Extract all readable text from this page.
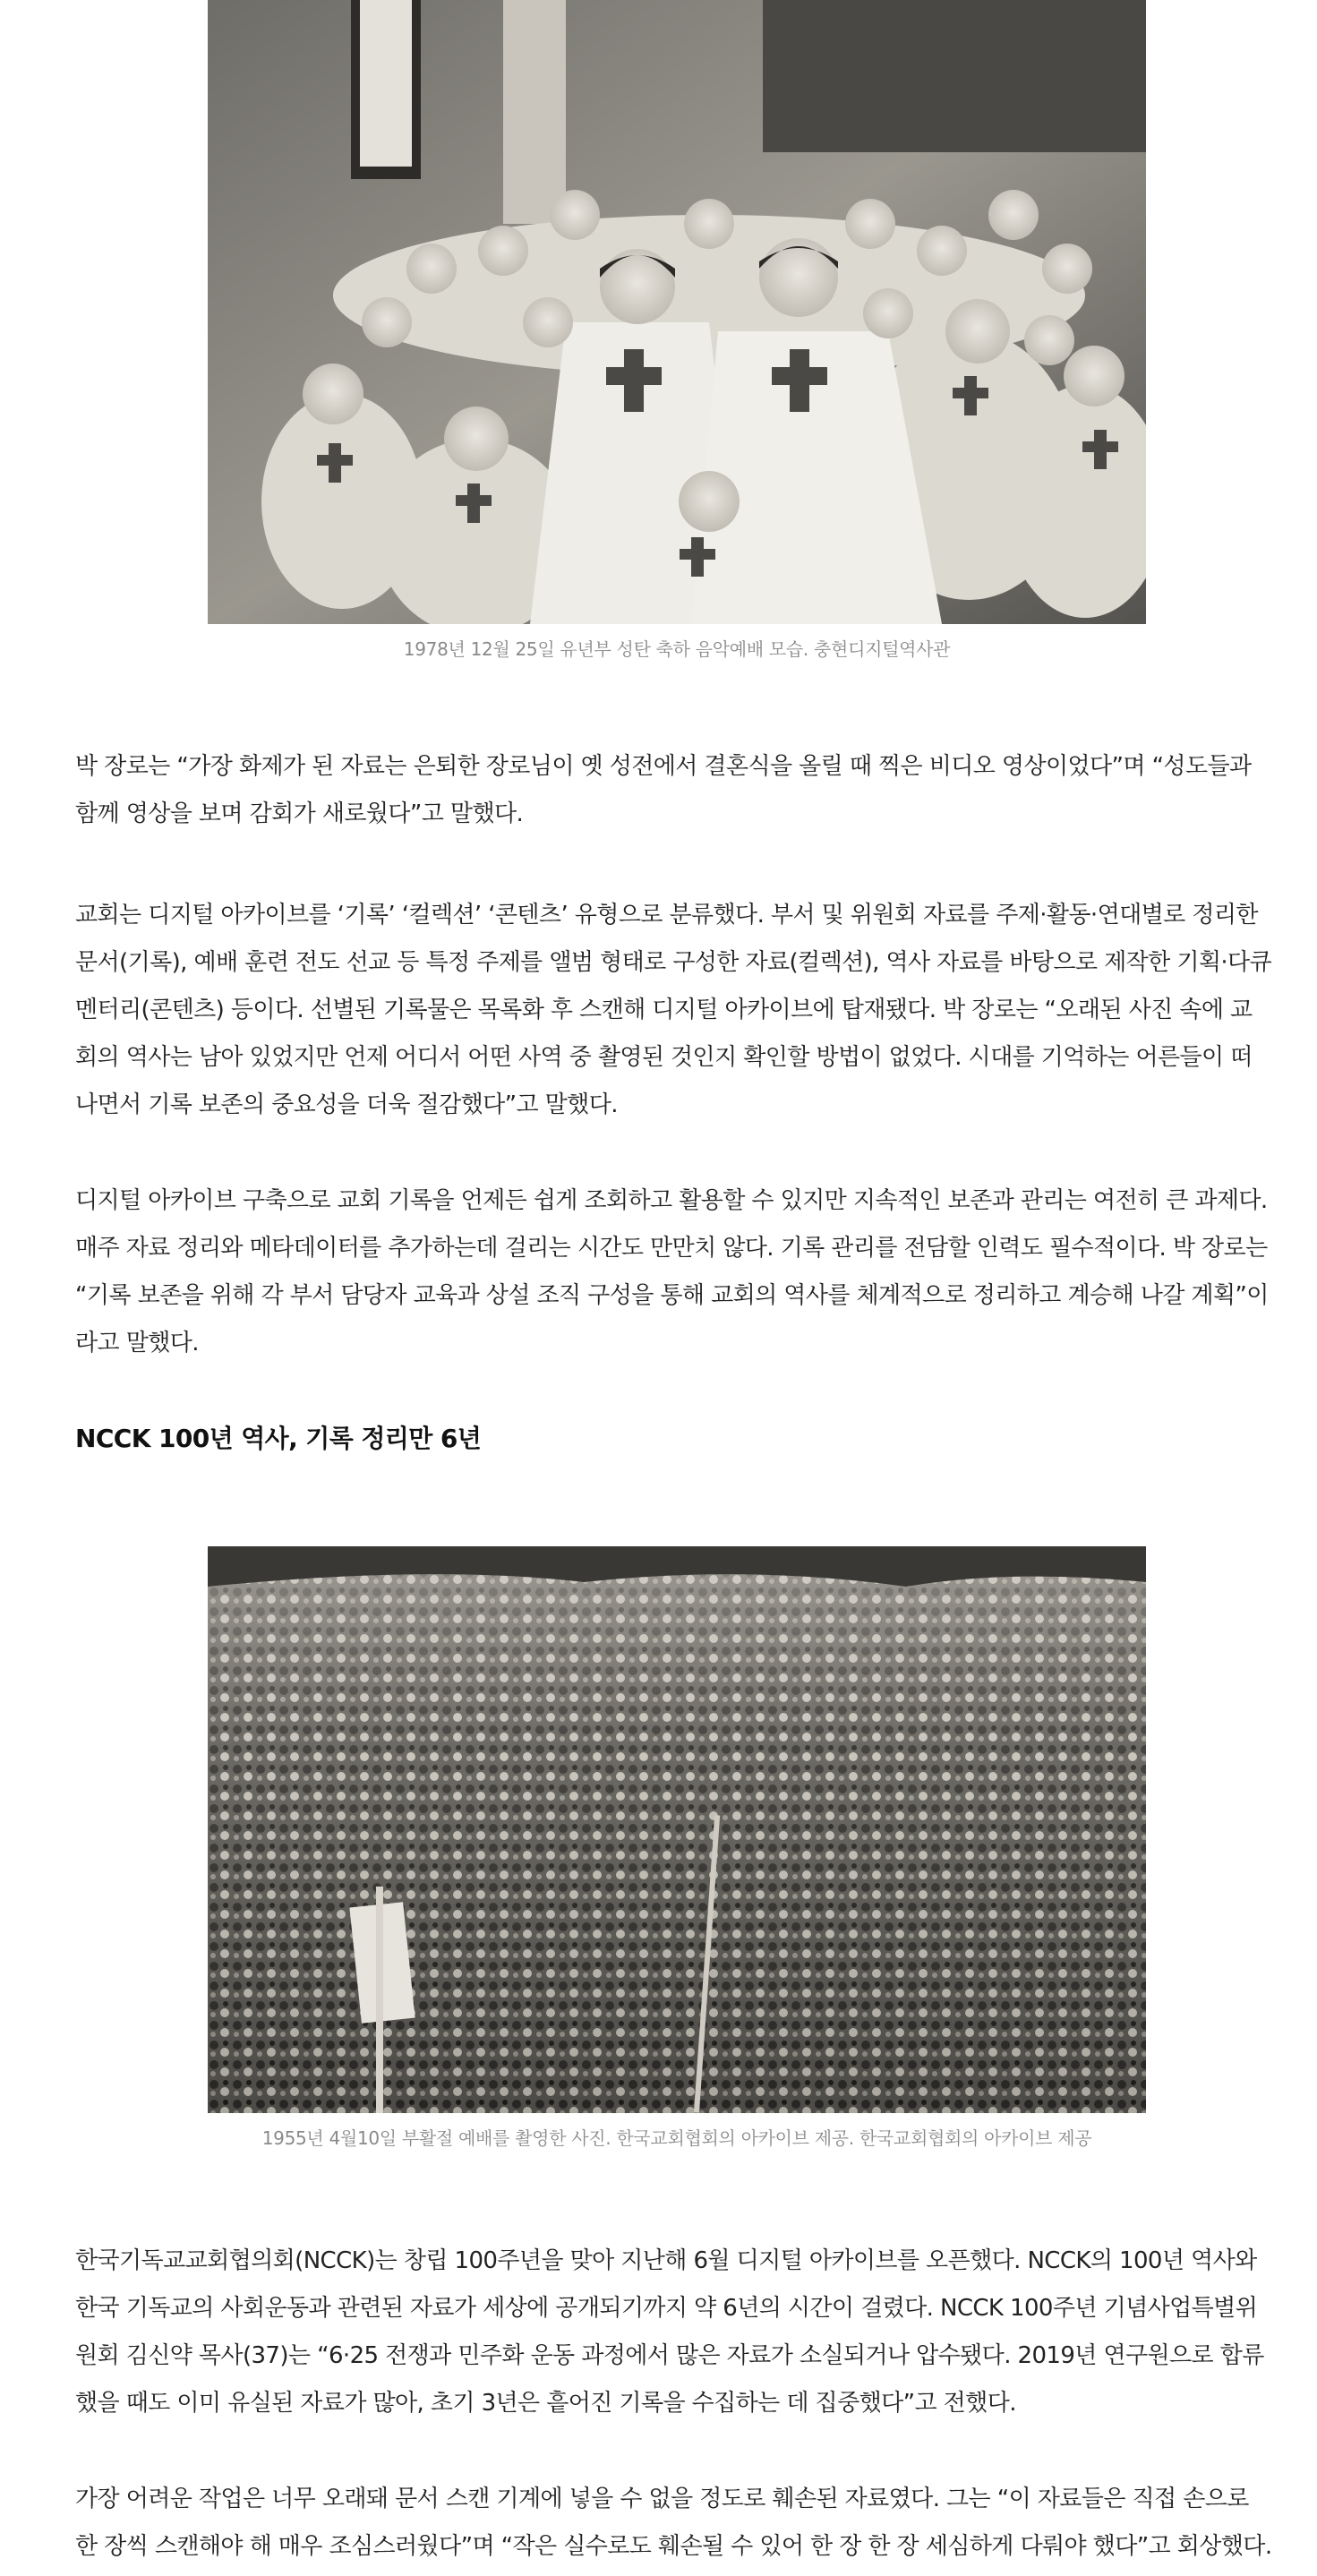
1978년 12월 25일 유년부 성탄 축하 음악예배 모습. 충현디지털역사관

박 장로는 “가장 화제가 된 자료는 은퇴한 장로님이 옛 성전에서 결혼식을 올릴 때 찍은 비디오 영상이었다”며 “성도들과
함께 영상을 보며 감회가 새로웠다”고 말했다.

교회는 디지털 아카이브를 ‘기록’ ‘컬렉션’ ‘콘텐츠’ 유형으로 분류했다. 부서 및 위원회 자료를 주제·활동·연대별로 정리한
문서(기록), 예배 훈련 전도 선교 등 특정 주제를 앨범 형태로 구성한 자료(컬렉션), 역사 자료를 바탕으로 제작한 기획·다큐
멘터리(콘텐츠) 등이다. 선별된 기록물은 목록화 후 스캔해 디지털 아카이브에 탑재됐다. 박 장로는 “오래된 사진 속에 교
회의 역사는 남아 있었지만 언제 어디서 어떤 사역 중 촬영된 것인지 확인할 방법이 없었다. 시대를 기억하는 어른들이 떠
나면서 기록 보존의 중요성을 더욱 절감했다”고 말했다.

디지털 아카이브 구축으로 교회 기록을 언제든 쉽게 조회하고 활용할 수 있지만 지속적인 보존과 관리는 여전히 큰 과제다.
매주 자료 정리와 메타데이터를 추가하는데 걸리는 시간도 만만치 않다. 기록 관리를 전담할 인력도 필수적이다. 박 장로는
“기록 보존을 위해 각 부서 담당자 교육과 상설 조직 구성을 통해 교회의 역사를 체계적으로 정리하고 계승해 나갈 계획”이
라고 말했다.

NCCK 100년 역사, 기록 정리만 6년
1955년 4월10일 부활절 예배를 촬영한 사진. 한국교회협회의 아카이브 제공. 한국교회협회의 아카이브 제공

한국기독교교회협의회(NCCK)는 창립 100주년을 맞아 지난해 6월 디지털 아카이브를 오픈했다. NCCK의 100년 역사와
한국 기독교의 사회운동과 관련된 자료가 세상에 공개되기까지 약 6년의 시간이 걸렸다. NCCK 100주년 기념사업특별위
원회 김신약 목사(37)는 “6·25 전쟁과 민주화 운동 과정에서 많은 자료가 소실되거나 압수됐다. 2019년 연구원으로 합류
했을 때도 이미 유실된 자료가 많아, 초기 3년은 흩어진 기록을 수집하는 데 집중했다”고 전했다.

가장 어려운 작업은 너무 오래돼 문서 스캔 기계에 넣을 수 없을 정도로 훼손된 자료였다. 그는 “이 자료들은 직접 손으로
한 장씩 스캔해야 해 매우 조심스러웠다”며 “작은 실수로도 훼손될 수 있어 한 장 한 장 세심하게 다뤄야 했다”고 회상했다.
